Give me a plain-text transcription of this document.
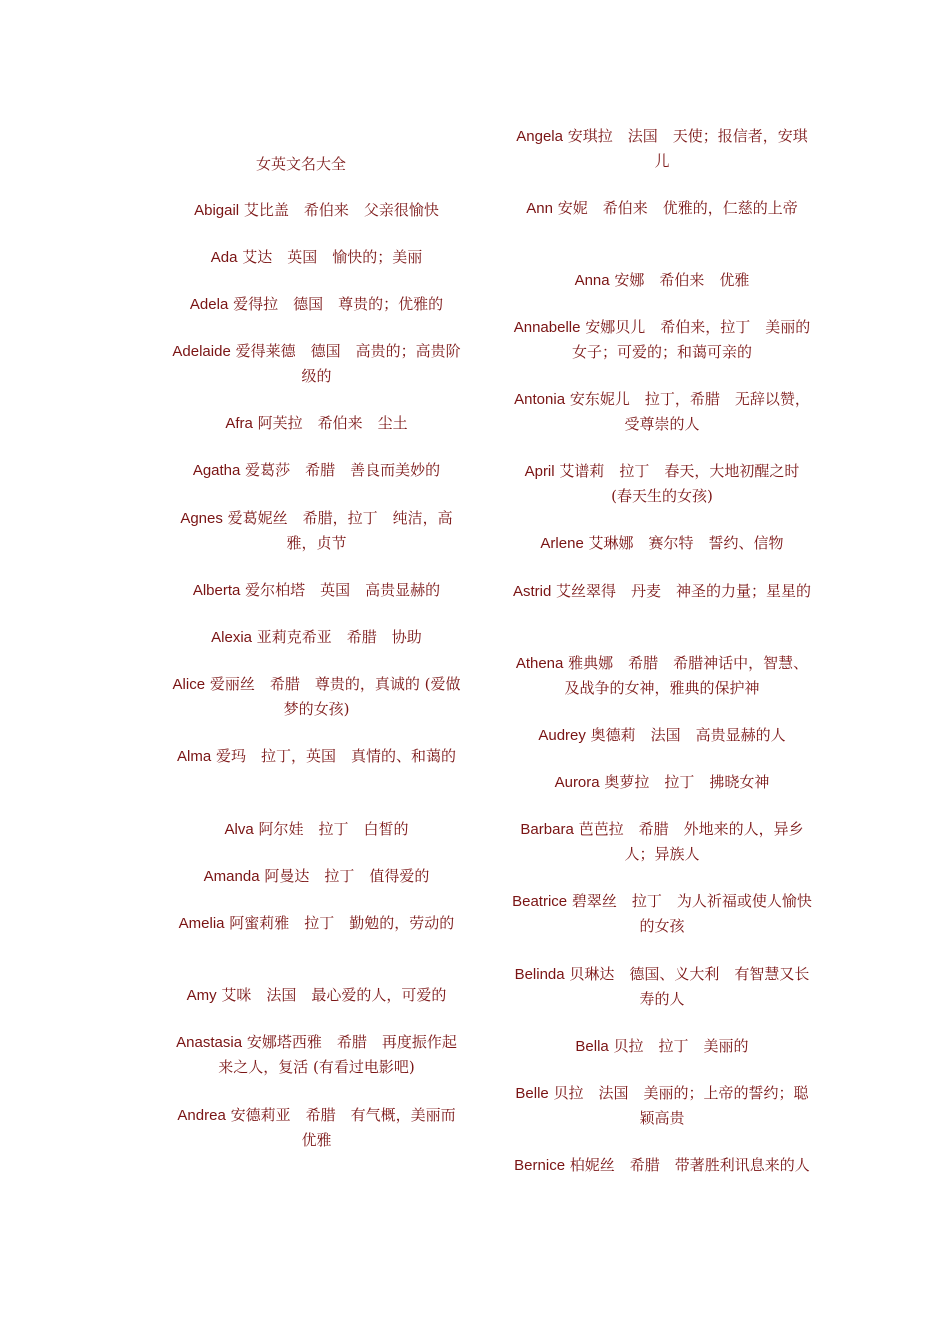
女英文名大全

Abigail 艾比盖　希伯来　父亲很愉快

Ada 艾达　英国　愉快的；美丽

Adela 爱得拉　德国　尊贵的；优雅的

Adelaide 爱得莱德　德国　高贵的；高贵阶级的

Afra 阿芙拉　希伯来　尘土

Agatha 爱葛莎　希腊　善良而美妙的

Agnes 爱葛妮丝　希腊，拉丁　纯洁，高雅，贞节

Alberta 爱尔柏塔　英国　高贵显赫的

Alexia 亚莉克希亚　希腊　协助

Alice 爱丽丝　希腊　尊贵的，真诚的 (爱做梦的女孩)

Alma 爱玛　拉丁，英国　真情的、和蔼的

Alva 阿尔娃　拉丁　白皙的

Amanda 阿曼达　拉丁　值得爱的

Amelia 阿蜜莉雅　拉丁　勤勉的，劳动的

Amy 艾咪　法国　最心爱的人，可爱的

Anastasia 安娜塔西雅　希腊　再度振作起来之人，复活 (有看过电影吧)

Andrea 安德莉亚　希腊　有气概，美丽而优雅

Angela 安琪拉　法国　天使；报信者，安琪儿

Ann 安妮　希伯来　优雅的，仁慈的上帝

Anna 安娜　希伯来　优雅

Annabelle 安娜贝儿　希伯来，拉丁　美丽的女子；可爱的；和蔼可亲的

Antonia 安东妮儿　拉丁，希腊　无辞以赞，受尊崇的人

April 艾谱莉　拉丁　春天，大地初醒之时　(春天生的女孩)

Arlene 艾琳娜　赛尔特　誓约、信物

Astrid 艾丝翠得　丹麦　神圣的力量；星星的

Athena 雅典娜　希腊　希腊神话中，智慧、及战争的女神，雅典的保护神

Audrey 奥德莉　法国　高贵显赫的人

Aurora 奥萝拉　拉丁　拂晓女神

Barbara 芭芭拉　希腊　外地来的人，异乡人；异族人

Beatrice 碧翠丝　拉丁　为人祈福或使人愉快的女孩

Belinda 贝琳达　德国、义大利　有智慧又长寿的人

Bella 贝拉　拉丁　美丽的

Belle 贝拉　法国　美丽的；上帝的誓约；聪颖高贵

Bernice 柏妮丝　希腊　带著胜利讯息来的人
